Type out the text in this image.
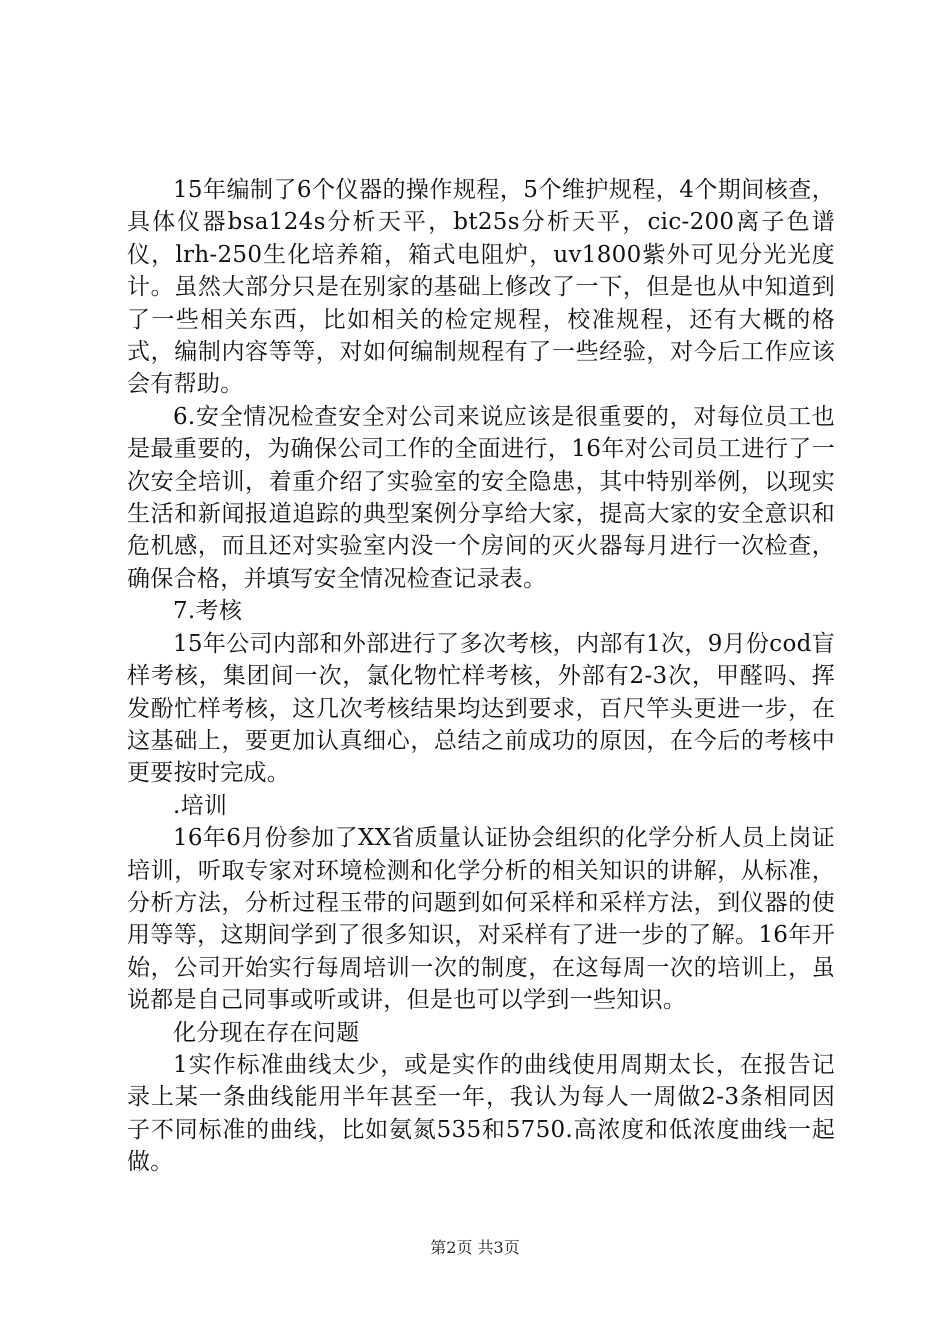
15年编制了6个仪器的操作规程，5个维护规程，4个期间核查，具体仪器bsa124s分析天平，bt25s分析天平，cic-200离子色谱仪，lrh-250生化培养箱，箱式电阻炉，uv1800紫外可见分光光度计。虽然大部分只是在别家的基础上修改了一下，但是也从中知道到了一些相关东西，比如相关的检定规程，校准规程，还有大概的格式，编制内容等等，对如何编制规程有了一些经验，对今后工作应该会有帮助。

6.安全情况检查安全对公司来说应该是很重要的，对每位员工也是最重要的，为确保公司工作的全面进行，16年对公司员工进行了一次安全培训，着重介绍了实验室的安全隐患，其中特别举例，以现实生活和新闻报道追踪的典型案例分享给大家，提高大家的安全意识和危机感，而且还对实验室内没一个房间的灭火器每月进行一次检查，确保合格，并填写安全情况检查记录表。

7.考核

15年公司内部和外部进行了多次考核，内部有1次，9月份cod盲样考核，集团间一次，氯化物忙样考核，外部有2-3次，甲醛吗、挥发酚忙样考核，这几次考核结果均达到要求，百尺竿头更进一步，在这基础上，要更加认真细心，总结之前成功的原因，在今后的考核中更要按时完成。

.培训

16年6月份参加了XX省质量认证协会组织的化学分析人员上岗证培训，听取专家对环境检测和化学分析的相关知识的讲解，从标准，分析方法，分析过程玉带的问题到如何采样和采样方法，到仪器的使用等等，这期间学到了很多知识，对采样有了进一步的了解。16年开始，公司开始实行每周培训一次的制度，在这每周一次的培训上，虽说都是自己同事或听或讲，但是也可以学到一些知识。

化分现在存在问题

1实作标准曲线太少，或是实作的曲线使用周期太长，在报告记录上某一条曲线能用半年甚至一年，我认为每人一周做2-3条相同因子不同标准的曲线，比如氨氮535和5750.高浓度和低浓度曲线一起做。

第2页 共3页
